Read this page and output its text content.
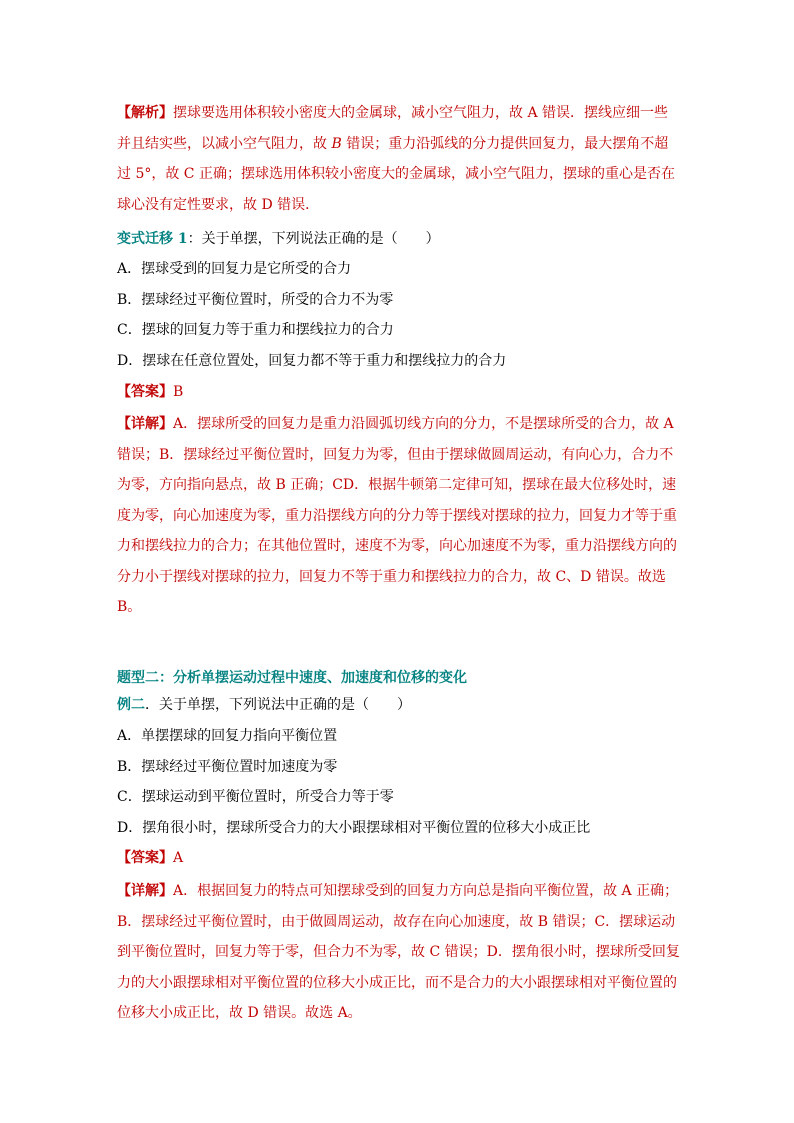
【解析】摆球要选用体积较小密度大的金属球，减小空气阻力，故 A 错误．摆线应细一些
并且结实些，以减小空气阻力，故 B 错误；重力沿弧线的分力提供回复力，最大摆角不超
过 5°，故 C 正确；摆球选用体积较小密度大的金属球，减小空气阻力，摆球的重心是否在
球心没有定性要求，故 D 错误．
变式迁移 1：关于单摆，下列说法正确的是（　　）
A．摆球受到的回复力是它所受的合力
B．摆球经过平衡位置时，所受的合力不为零
C．摆球的回复力等于重力和摆线拉力的合力
D．摆球在任意位置处，回复力都不等于重力和摆线拉力的合力
【答案】B
【详解】A．摆球所受的回复力是重力沿圆弧切线方向的分力，不是摆球所受的合力，故 A
错误；B．摆球经过平衡位置时，回复力为零，但由于摆球做圆周运动，有向心力，合力不
为零，方向指向悬点，故 B 正确；CD．根据牛顿第二定律可知，摆球在最大位移处时，速
度为零，向心加速度为零，重力沿摆线方向的分力等于摆线对摆球的拉力，回复力才等于重
力和摆线拉力的合力；在其他位置时，速度不为零，向心加速度不为零，重力沿摆线方向的
分力小于摆线对摆球的拉力，回复力不等于重力和摆线拉力的合力，故 C、D 错误。故选
B。
题型二：分析单摆运动过程中速度、加速度和位移的变化
例二．关于单摆，下列说法中正确的是（　　）
A．单摆摆球的回复力指向平衡位置
B．摆球经过平衡位置时加速度为零
C．摆球运动到平衡位置时，所受合力等于零
D．摆角很小时，摆球所受合力的大小跟摆球相对平衡位置的位移大小成正比
【答案】A
【详解】A．根据回复力的特点可知摆球受到的回复力方向总是指向平衡位置，故 A 正确；
B．摆球经过平衡位置时，由于做圆周运动，故存在向心加速度，故 B 错误；C．摆球运动
到平衡位置时，回复力等于零，但合力不为零，故 C 错误；D．摆角很小时，摆球所受回复
力的大小跟摆球相对平衡位置的位移大小成正比，而不是合力的大小跟摆球相对平衡位置的
位移大小成正比，故 D 错误。故选 A。
